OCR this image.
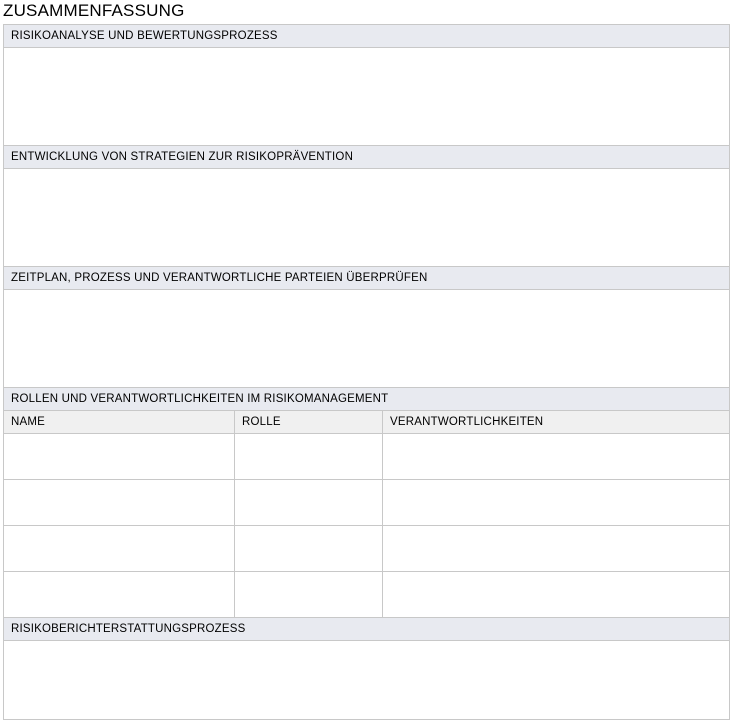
ZUSAMMENFASSUNG
RISIKOANALYSE UND BEWERTUNGSPROZESS		

ENTWICKLUNG VON STRATEGIEN ZUR RISIKOPRÄVENTION		

ZEITPLAN, PROZESS UND VERANTWORTLICHE PARTEIEN ÜBERPRÜFEN		

ROLLEN UND VERANTWORTLICHKEITEN IM RISIKOMANAGEMENT		
NAME	ROLLE	VERANTWORTLICHKEITEN

RISIKOBERICHTERSTATTUNGSPROZESS		
